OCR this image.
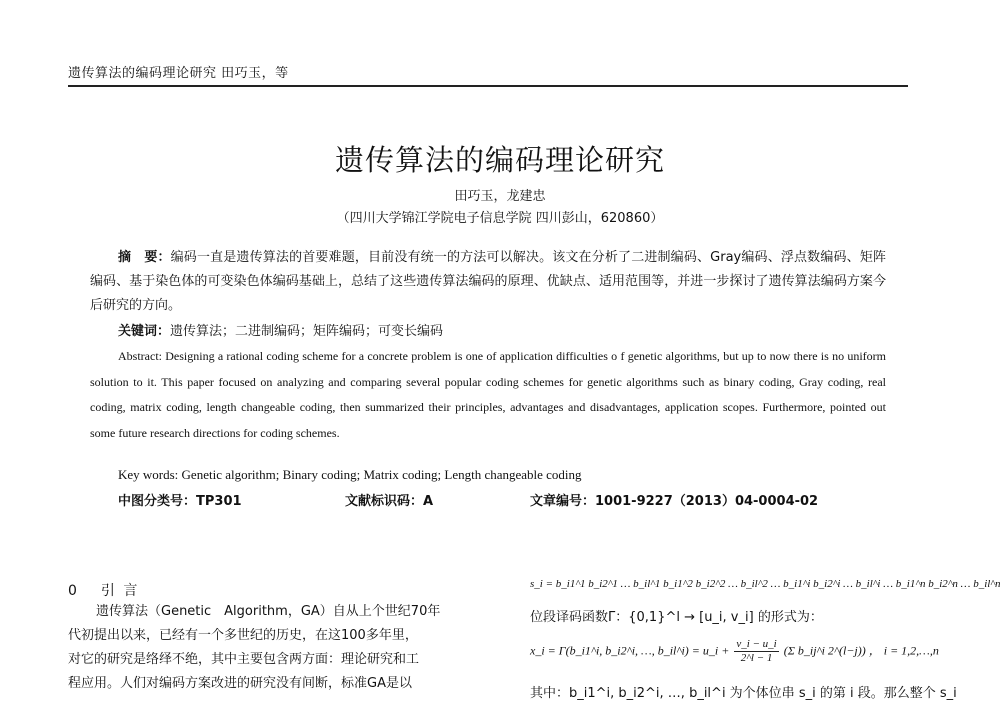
遗传算法的编码理论研究 田巧玉，等
遗传算法的编码理论研究
田巧玉，龙建忠
（四川大学锦江学院电子信息学院 四川彭山，620860）
摘　要：编码一直是遗传算法的首要难题，目前没有统一的方法可以解决。该文在分析了二进制编码、Gray编码、浮点数编码、矩阵编码、基于染色体的可变染色体编码基础上，总结了这些遗传算法编码的原理、优缺点、适用范围等，并进一步探讨了遗传算法编码方案今后研究的方向。
关键词：遗传算法；二进制编码；矩阵编码；可变长编码
Abstract: Designing a rational coding scheme for a concrete problem is one of application difficulties o f genetic algorithms, but up to now there is no uniform solution to it. This paper focused on analyzing and comparing several popular coding schemes for genetic algorithms such as binary coding, Gray coding, real coding, matrix coding, length changeable coding, then summarized their principles, advantages and disadvantages, application scopes. Furthermore, pointed out some future research directions for coding schemes.
Key words: Genetic algorithm; Binary coding; Matrix coding; Length changeable coding
中图分类号：TP301	文献标识码：A	文章编号：1001-9227（2013）04-0004-02
0 引 言
遗传算法（Genetic　Algorithm，GA）自从上个世纪70年
代初提出以来，已经有一个多世纪的历史，在这100多年里，
对它的研究是络绎不绝，其中主要包含两方面：理论研究和工
程应用。人们对编码方案改进的研究没有间断，标准GA是以
s_i = b_i1^1 b_i2^1 … b_il^1 b_i1^2 b_i2^2 … b_il^2 … b_i1^i b_i2^i … b_il^i … b_i1^n b_i2^n … b_il^n
位段译码函数Γ：{0,1}^l → [u_i, v_i] 的形式为：
x_i = Γ(b_i1^i, b_i2^i, …, b_il^i) = u_i + $\frac{v\_i - u\_i}{2\^{}l - 1} (\Sigma$ b_ij^i 2^(l−j)) ， i = 1,2,…,n
其中：b_i1^i, b_i2^i, …, b_il^i 为个体位串 s_i 的第 i 段。那么整个 s_i
